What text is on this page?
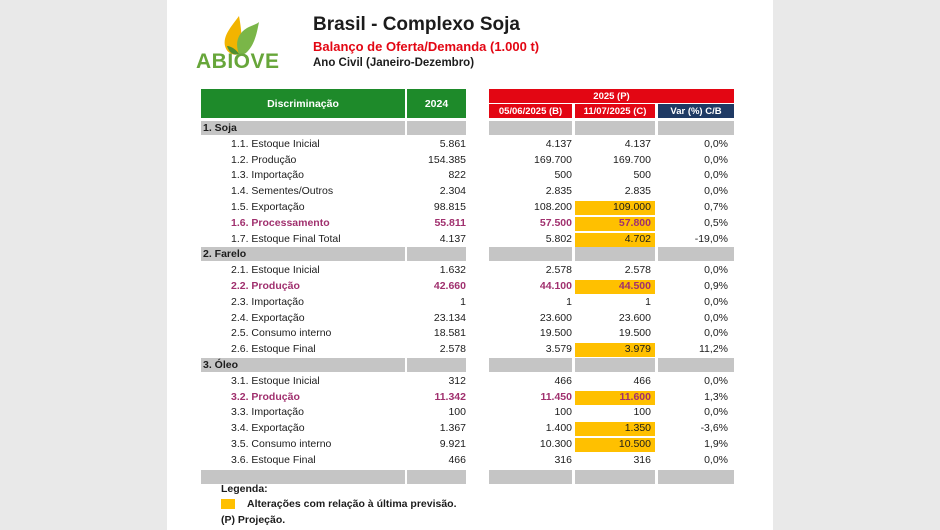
ABIOVE
Brasil - Complexo Soja
Balanço de Oferta/Demanda (1.000 t)
Ano Civil (Janeiro-Dezembro)
Discriminação	2024
2025 (P)
05/06/2025 (B)	11/07/2025 (C)	Var (%) C/B
1. Soja
1.1. Estoque Inicial	5.861	4.137	4.137	0,0%
1.2. Produção	154.385	169.700	169.700	0,0%
1.3. Importação	822	500	500	0,0%
1.4. Sementes/Outros	2.304	2.835	2.835	0,0%
1.5. Exportação	98.815	108.200	109.000	0,7%
1.6. Processamento	55.811	57.500	57.800	0,5%
1.7. Estoque Final Total	4.137	5.802	4.702	-19,0%
2. Farelo
2.1. Estoque Inicial	1.632	2.578	2.578	0,0%
2.2. Produção	42.660	44.100	44.500	0,9%
2.3. Importação	1	1	1	0,0%
2.4. Exportação	23.134	23.600	23.600	0,0%
2.5. Consumo interno	18.581	19.500	19.500	0,0%
2.6. Estoque Final	2.578	3.579	3.979	11,2%
3. Óleo
3.1. Estoque Inicial	312	466	466	0,0%
3.2. Produção	11.342	11.450	11.600	1,3%
3.3. Importação	100	100	100	0,0%
3.4. Exportação	1.367	1.400	1.350	-3,6%
3.5. Consumo interno	9.921	10.300	10.500	1,9%
3.6. Estoque Final	466	316	316	0,0%
Legenda:
Alterações com relação à última previsão.
(P) Projeção.
